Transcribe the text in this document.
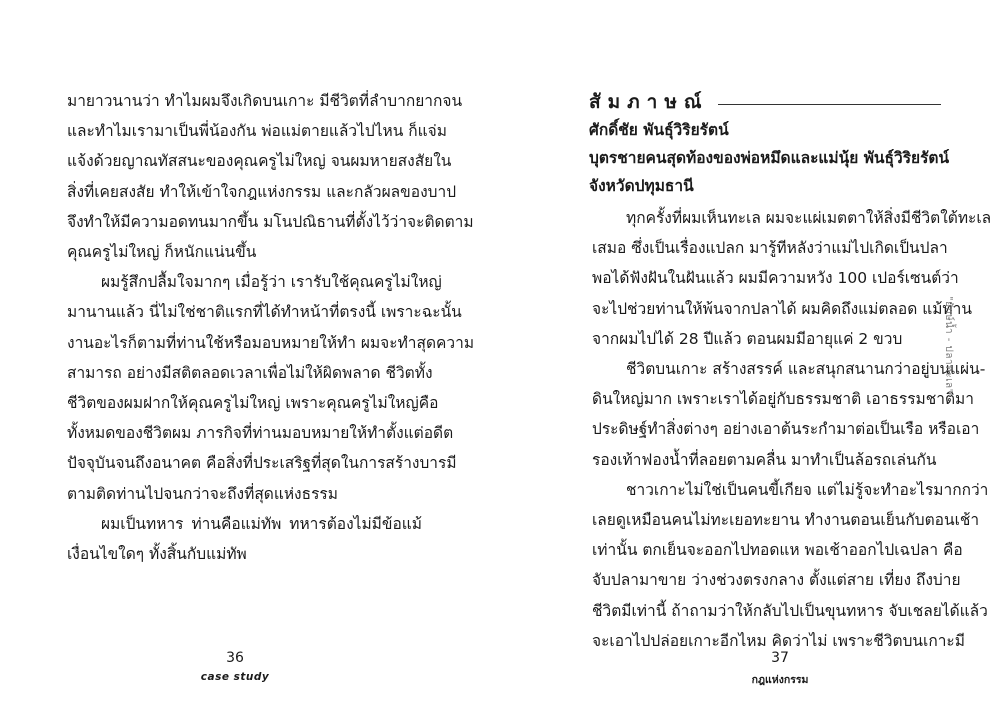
มายาวนานว่า ทำไมผมจึงเกิดบนเกาะ มีชีวิตที่ลำบากยากจน
และทำไมเรามาเป็นพี่น้องกัน พ่อแม่ตายแล้วไปไหน ก็แจ่ม
แจ้งด้วยญาณทัสสนะของคุณครูไม่ใหญ่ จนผมหายสงสัยใน
สิ่งที่เคยสงสัย ทำให้เข้าใจกฎแห่งกรรม และกลัวผลของบาป
จึงทำให้มีความอดทนมากขึ้น มโนปณิธานที่ตั้งไว้ว่าจะติดตาม
คุณครูไม่ใหญ่ ก็หนักแน่นขึ้น
ผมรู้สึกปลื้มใจมากๆ เมื่อรู้ว่า เรารับใช้คุณครูไม่ใหญ่
มานานแล้ว นี่ไม่ใช่ชาติแรกที่ได้ทำหน้าที่ตรงนี้ เพราะฉะนั้น
งานอะไรก็ตามที่ท่านใช้หรือมอบหมายให้ทำ ผมจะทำสุดความ
สามารถ อย่างมีสติตลอดเวลาเพื่อไม่ให้ผิดพลาด ชีวิตทั้ง
ชีวิตของผมฝากให้คุณครูไม่ใหญ่ เพราะคุณครูไม่ใหญ่คือ
ทั้งหมดของชีวิตผม ภารกิจที่ท่านมอบหมายให้ทำตั้งแต่อดีต
ปัจจุบันจนถึงอนาคต คือสิ่งที่ประเสริฐที่สุดในการสร้างบารมี
ตามติดท่านไปจนกว่าจะถึงที่สุดแห่งธรรม
ผมเป็นทหาร ท่านคือแม่ทัพ ทหารต้องไม่มีข้อแม้
เงื่อนไขใดๆ ทั้งสิ้นกับแม่ทัพ
36
case study
สัมภาษณ์
ศักดิ์ชัย พันธุ์วิริยรัตน์
บุตรชายคนสุดท้องของพ่อหมึดและแม่นุ้ย พันธุ์วิริยรัตน์
จังหวัดปทุมธานี
ทุกครั้งที่ผมเห็นทะเล ผมจะแผ่เมตตาให้สิ่งมีชีวิตใต้ทะเล
เสมอ ซึ่งเป็นเรื่องแปลก มารู้ทีหลังว่าแม่ไปเกิดเป็นปลา
พอได้ฟังฝันในฝันแล้ว ผมมีความหวัง 100 เปอร์เซนต์ว่า
จะไปช่วยท่านให้พ้นจากปลาได้ ผมคิดถึงแม่ตลอด แม้ท่าน
จากผมไปได้ 28 ปีแล้ว ตอนผมมีอายุแค่ 2 ขวบ
ชีวิตบนเกาะ สร้างสรรค์ และสนุกสนานกว่าอยู่บนแผ่น-
ดินใหญ่มาก เพราะเราได้อยู่กับธรรมชาติ เอาธรรมชาติมา
ประดิษฐ์ทำสิ่งต่างๆ อย่างเอาต้นระกำมาต่อเป็นเรือ หรือเอา
รองเท้าฟองน้ำที่ลอยตามคลื่น มาทำเป็นล้อรถเล่นกัน
ชาวเกาะไม่ใช่เป็นคนขี้เกียจ แต่ไม่รู้จะทำอะไรมากกว่า
เลยดูเหมือนคนไม่ทะเยอทะยาน ทำงานตอนเย็นกับตอนเช้า
เท่านั้น ตกเย็นจะออกไปทอดแห พอเช้าออกไปเฉปลา คือ
จับปลามาขาย ว่างช่วงตรงกลาง ตั้งแต่สาย เที่ยง ถึงบ่าย
ชีวิตมีเท่านี้ ถ้าถามว่าให้กลับไปเป็นขุนทหาร จับเชลยได้แล้ว
จะเอาไปปล่อยเกาะอีกไหม คิดว่าไม่ เพราะชีวิตบนเกาะมี
37
กฎแห่งกรรม
"ยักษ์น้ำ - ปลาทะเล"
